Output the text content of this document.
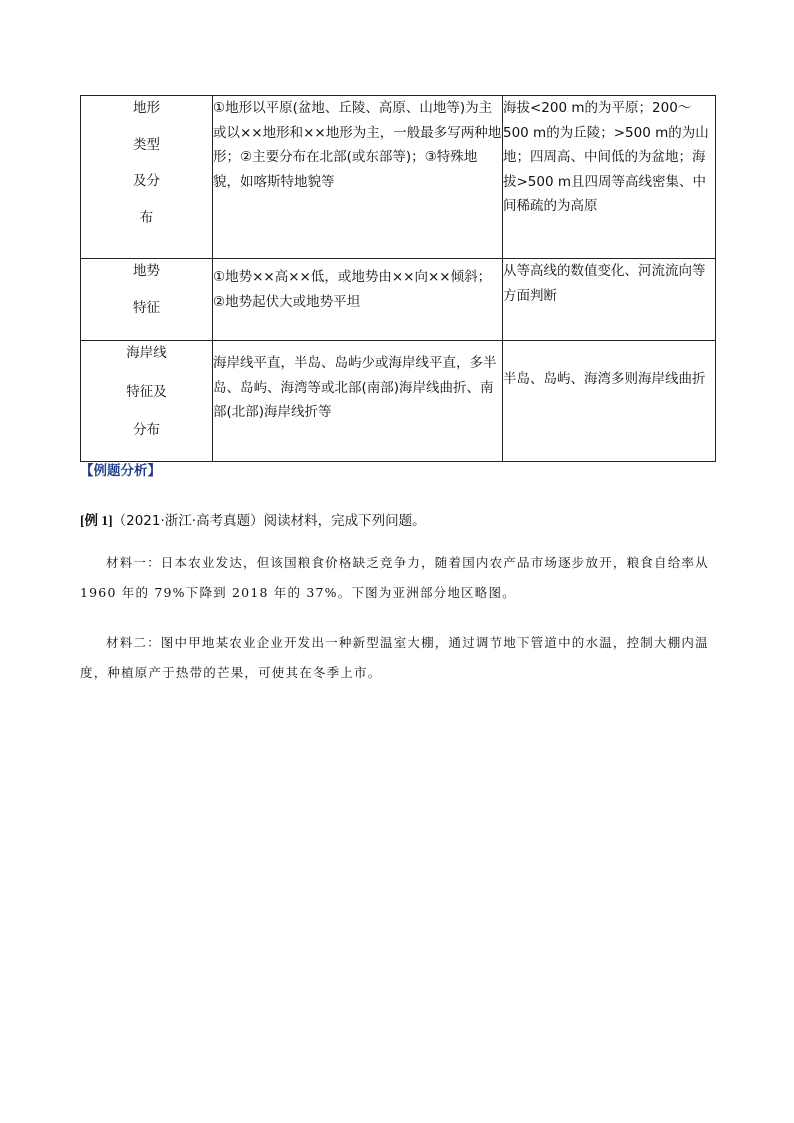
地形
类型
及分
布	①地形以平原(盆地、丘陵、高原、山地等)为主或以××地形和××地形为主，一般最多写两种地形；②主要分布在北部(或东部等)；③特殊地貌，如喀斯特地貌等	海拔<200 m的为平原；200～500 m的为丘陵；>500 m的为山地；四周高、中间低的为盆地；海拔>500 m且四周等高线密集、中间稀疏的为高原

地势
特征	①地势××高××低，或地势由××向××倾斜；②地势起伏大或地势平坦	从等高线的数值变化、河流流向等方面判断

海岸线
特征及
分布	海岸线平直，半岛、岛屿少或海岸线平直，多半岛、岛屿、海湾等或北部(南部)海岸线曲折、南部(北部)海岸线折等	半岛、岛屿、海湾多则海岸线曲折
【例题分析】
[例 1]（2021·浙江·高考真题）阅读材料，完成下列问题。
材料一：日本农业发达，但该国粮食价格缺乏竞争力，随着国内农产品市场逐步放开，粮食自给率从 1960 年的 79%下降到 2018 年的 37%。下图为亚洲部分地区略图。
材料二：图中甲地某农业企业开发出一种新型温室大棚，通过调节地下管道中的水温，控制大棚内温度，种植原产于热带的芒果，可使其在冬季上市。
